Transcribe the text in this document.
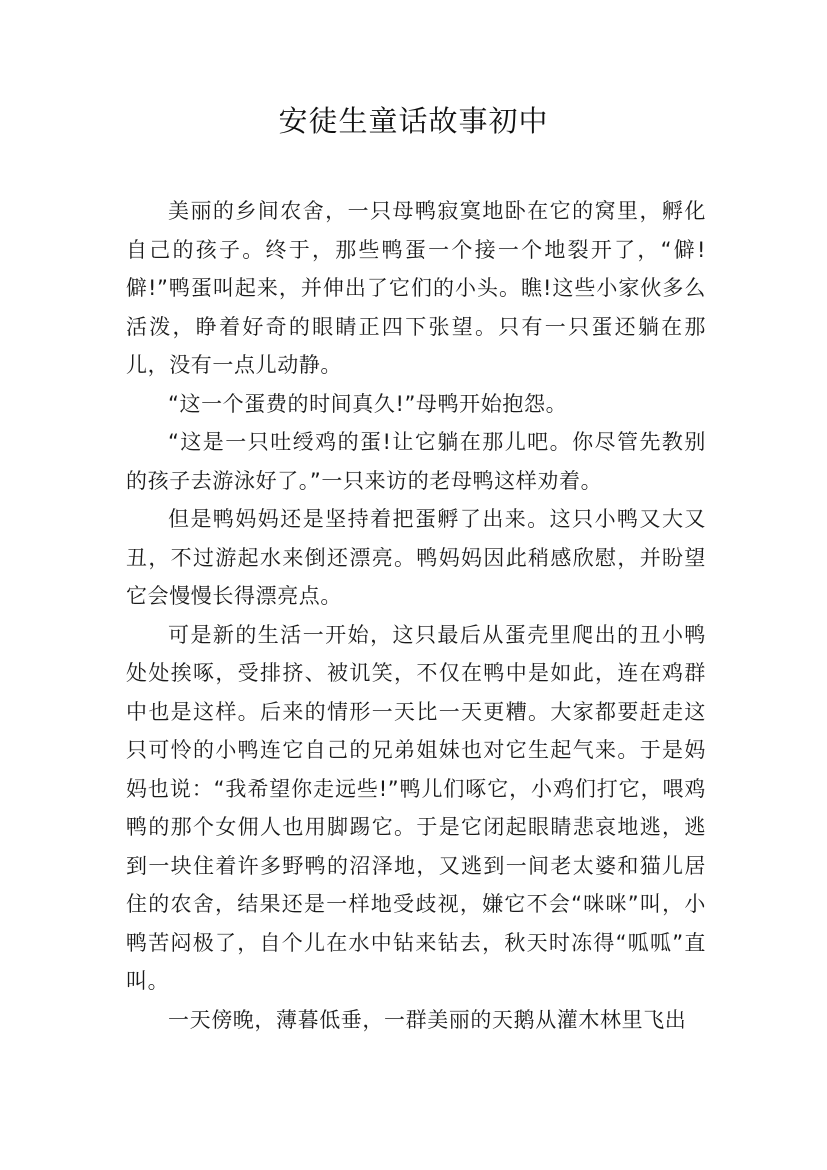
安徒生童话故事初中

美丽的乡间农舍，一只母鸭寂寞地卧在它的窝里，孵化自己的孩子。终于，那些鸭蛋一个接一个地裂开了，“僻!僻!”鸭蛋叫起来，并伸出了它们的小头。瞧!这些小家伙多么活泼，睁着好奇的眼睛正四下张望。只有一只蛋还躺在那儿，没有一点儿动静。

“这一个蛋费的时间真久!”母鸭开始抱怨。

“这是一只吐绶鸡的蛋!让它躺在那儿吧。你尽管先教别的孩子去游泳好了。”一只来访的老母鸭这样劝着。

但是鸭妈妈还是坚持着把蛋孵了出来。这只小鸭又大又丑，不过游起水来倒还漂亮。鸭妈妈因此稍感欣慰，并盼望它会慢慢长得漂亮点。

可是新的生活一开始，这只最后从蛋壳里爬出的丑小鸭处处挨啄，受排挤、被讥笑，不仅在鸭中是如此，连在鸡群中也是这样。后来的情形一天比一天更糟。大家都要赶走这只可怜的小鸭连它自己的兄弟姐妹也对它生起气来。于是妈妈也说：“我希望你走远些!”鸭儿们啄它，小鸡们打它，喂鸡鸭的那个女佣人也用脚踢它。于是它闭起眼睛悲哀地逃，逃到一块住着许多野鸭的沼泽地，又逃到一间老太婆和猫儿居住的农舍，结果还是一样地受歧视，嫌它不会“咪咪”叫，小鸭苦闷极了，自个儿在水中钻来钻去，秋天时冻得“呱呱”直叫。

一天傍晚，薄暮低垂，一群美丽的天鹅从灌木林里飞出
